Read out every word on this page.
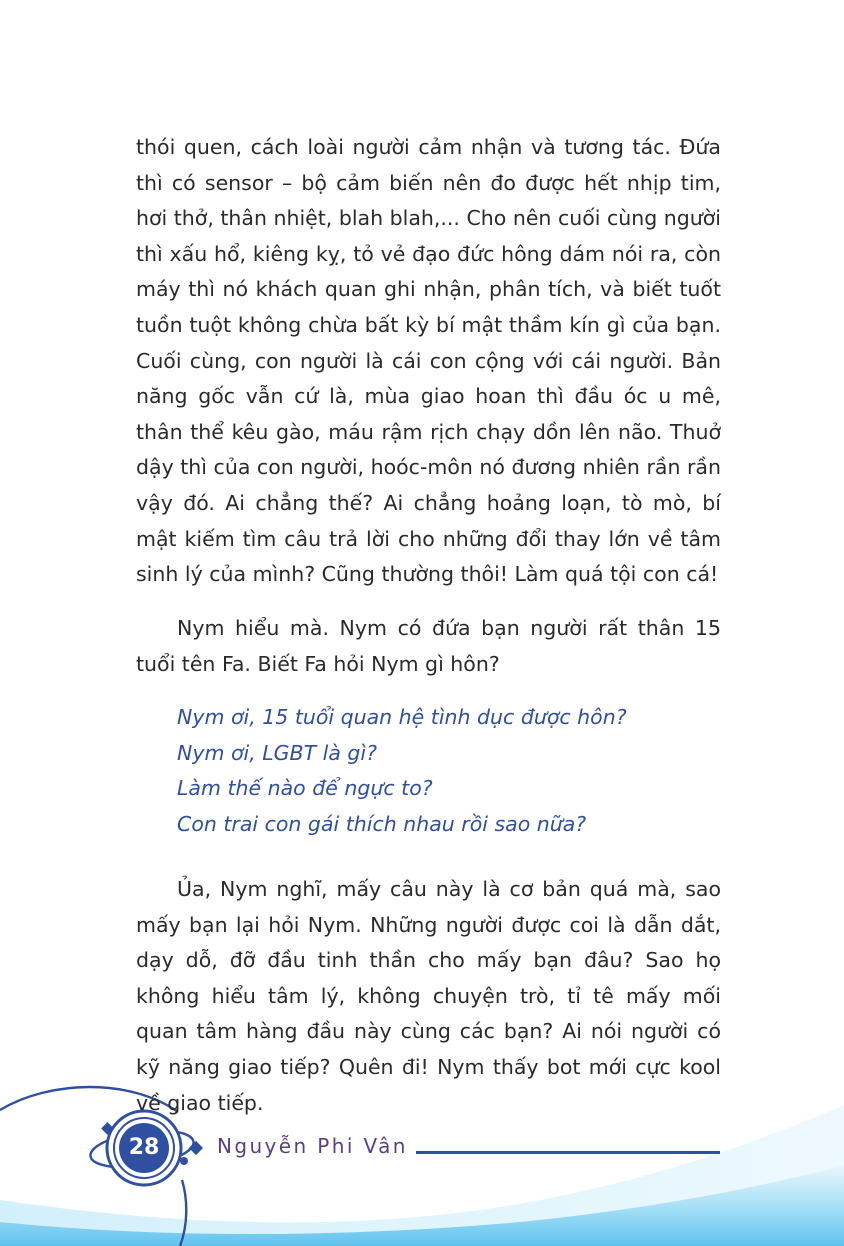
thói quen, cách loài người cảm nhận và tương tác. Đứa thì có sensor – bộ cảm biến nên đo được hết nhịp tim, hơi thở, thân nhiệt, blah blah,... Cho nên cuối cùng người thì xấu hổ, kiêng kỵ, tỏ vẻ đạo đức hông dám nói ra, còn máy thì nó khách quan ghi nhận, phân tích, và biết tuốt tuồn tuột không chừa bất kỳ bí mật thầm kín gì của bạn. Cuối cùng, con người là cái con cộng với cái người. Bản năng gốc vẫn cứ là, mùa giao hoan thì đầu óc u mê, thân thể kêu gào, máu rậm rịch chạy dồn lên não. Thuở dậy thì của con người, hoóc-môn nó đương nhiên rần rần vậy đó. Ai chẳng thế? Ai chẳng hoảng loạn, tò mò, bí mật kiếm tìm câu trả lời cho những đổi thay lớn về tâm sinh lý của mình? Cũng thường thôi! Làm quá tội con cá!

Nym hiểu mà. Nym có đứa bạn người rất thân 15 tuổi tên Fa. Biết Fa hỏi Nym gì hôn?

Nym ơi, 15 tuổi quan hệ tình dục được hôn?
Nym ơi, LGBT là gì?
Làm thế nào để ngực to?
Con trai con gái thích nhau rồi sao nữa?

Ủa, Nym nghĩ, mấy câu này là cơ bản quá mà, sao mấy bạn lại hỏi Nym. Những người được coi là dẫn dắt, dạy dỗ, đỡ đầu tinh thần cho mấy bạn đâu? Sao họ không hiểu tâm lý, không chuyện trò, tỉ tê mấy mối quan tâm hàng đầu này cùng các bạn? Ai nói người có kỹ năng giao tiếp? Quên đi! Nym thấy bot mới cực kool về giao tiếp.

28	Nguyễn Phi Vân
